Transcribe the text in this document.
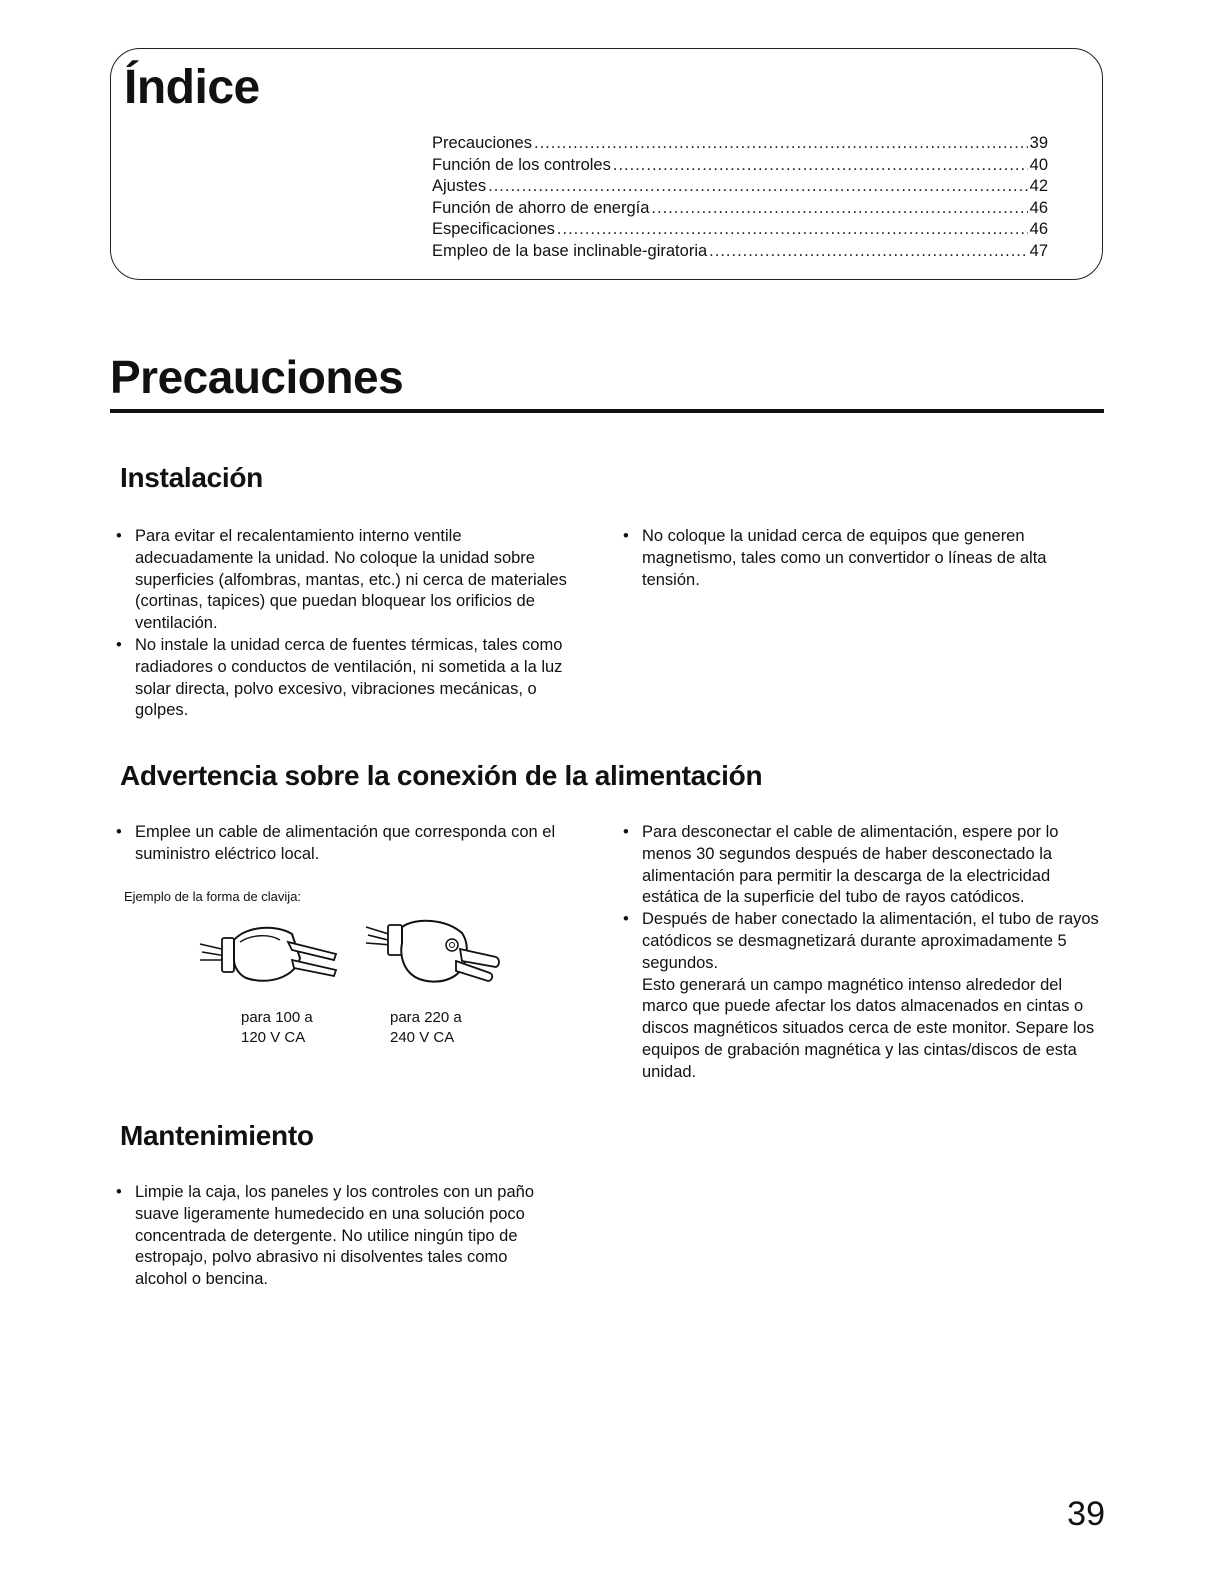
Índice
Precauciones .....	39
Función de los controles .....	40
Ajustes .....	42
Función de ahorro de energía .....	46
Especificaciones .....	46
Empleo de la base inclinable-giratoria .....	47
Precauciones
Instalación
• Para evitar el recalentamiento interno ventile adecuadamente la unidad. No coloque la unidad sobre superficies (alfombras, mantas, etc.) ni cerca de materiales (cortinas, tapices) que puedan bloquear los orificios de ventilación.
• No instale la unidad cerca de fuentes térmicas, tales como radiadores o conductos de ventilación, ni sometida a la luz solar directa, polvo excesivo, vibraciones mecánicas, o golpes.
• No coloque la unidad cerca de equipos que generen magnetismo, tales como un convertidor o líneas de alta tensión.
Advertencia sobre la conexión de la alimentación
• Emplee un cable de alimentación que corresponda con el suministro eléctrico local.
Ejemplo de la forma de clavija:
para 100 a
120 V CA
para 220 a
240 V CA
• Para desconectar el cable de alimentación, espere por lo menos 30 segundos después de haber desconectado la alimentación para permitir la descarga de la electricidad estática de la superficie del tubo de rayos catódicos.
• Después de haber conectado la alimentación, el tubo de rayos catódicos se desmagnetizará durante aproximadamente 5 segundos.
Esto generará un campo magnético intenso alrededor del marco que puede afectar los datos almacenados en cintas o discos magnéticos situados cerca de este monitor. Separe los equipos de grabación magnética y las cintas/discos de esta unidad.
Mantenimiento
• Limpie la caja, los paneles y los controles con un paño suave ligeramente humedecido en una solución poco concentrada de detergente. No utilice ningún tipo de estropajo, polvo abrasivo ni disolventes tales como alcohol o bencina.
39
